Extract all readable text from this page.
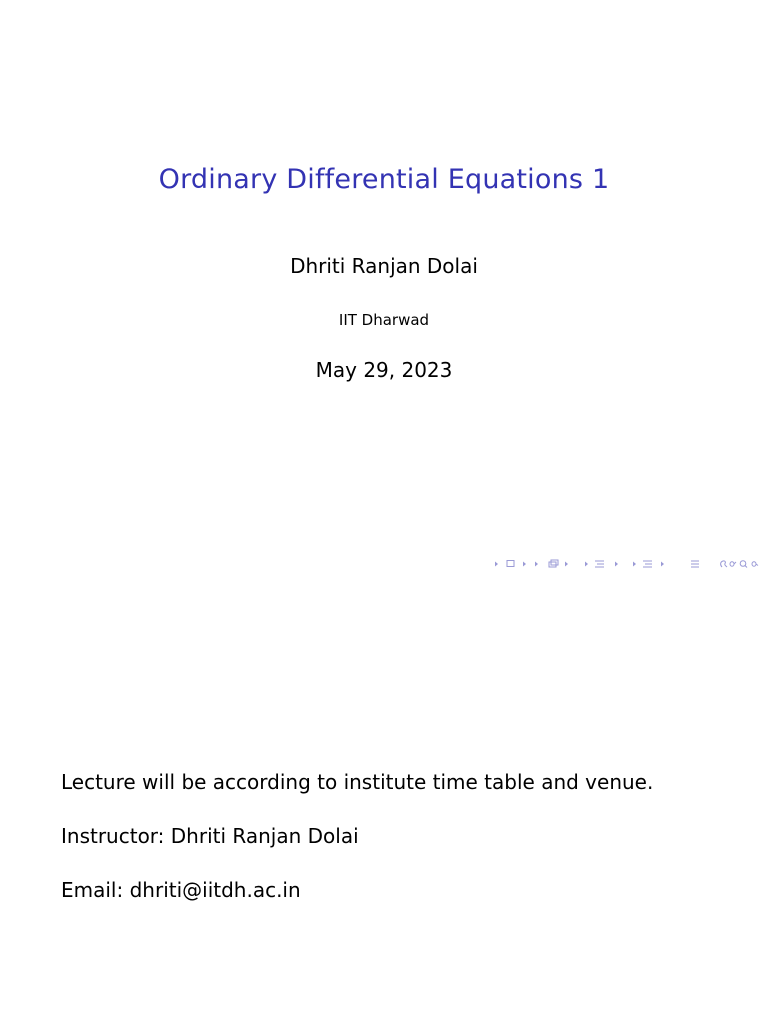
Ordinary Differential Equations 1
Dhriti Ranjan Dolai
IIT Dharwad
May 29, 2023
Lecture will be according to institute time table and venue.
Instructor: Dhriti Ranjan Dolai
Email: dhriti@iitdh.ac.in
